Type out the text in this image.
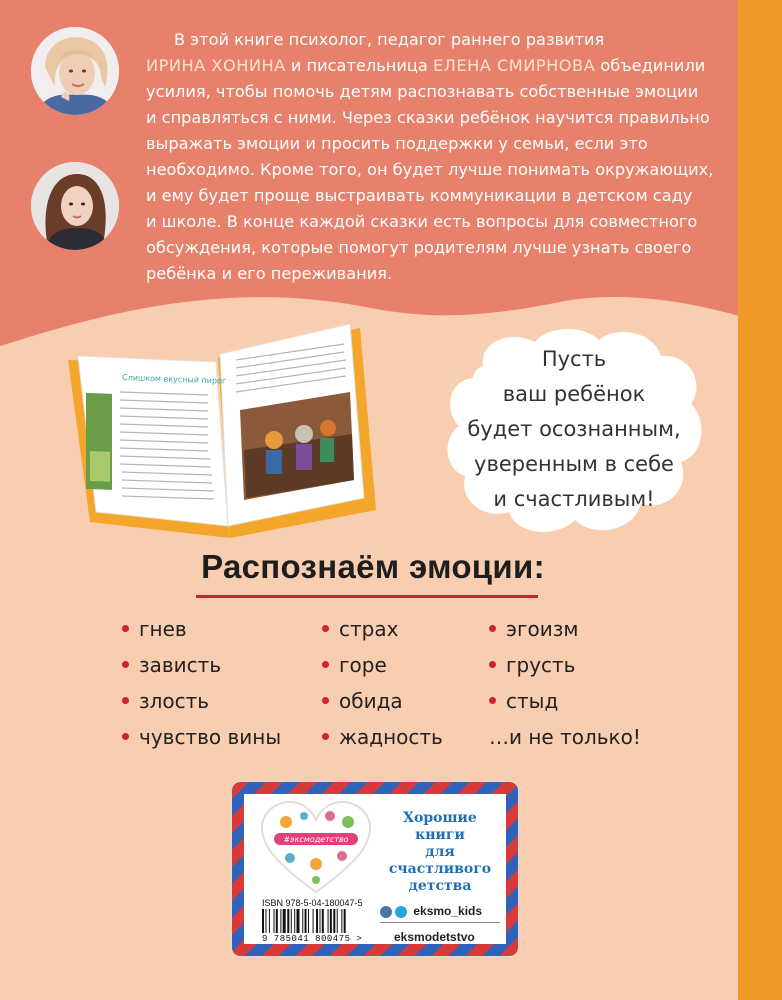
В этой книге психолог, педагог раннего развития

ИРИНА ХОНИНА и писательница ЕЛЕНА СМИРНОВА объединили

усилия, чтобы помочь детям распознавать собственные эмоции

и справляться с ними. Через сказки ребёнок научится правильно

выражать эмоции и просить поддержки у семьи, если это

необходимо. Кроме того, он будет лучше понимать окружающих,

и ему будет проще выстраивать коммуникации в детском саду

и школе. В конце каждой сказки есть вопросы для совместного

обсуждения, которые помогут родителям лучше узнать своего

ребёнка и его переживания.

Слишком вкусный пирог
Пусть
ваш ребёнок
будет осознанным,
уверенным в себе
и счастливым!
Распознаём эмоции:
гнев
зависть
злость
чувство вины
страх
горе
обида
жадность
эгоизм
грусть
стыд
…и не только!
#эксмодетство
Хорошие
книги
для счастливого
детства
ISBN 978-5-04-180047-5
9 785041 800475 >
eksmo_kids
eksmodetstvo
